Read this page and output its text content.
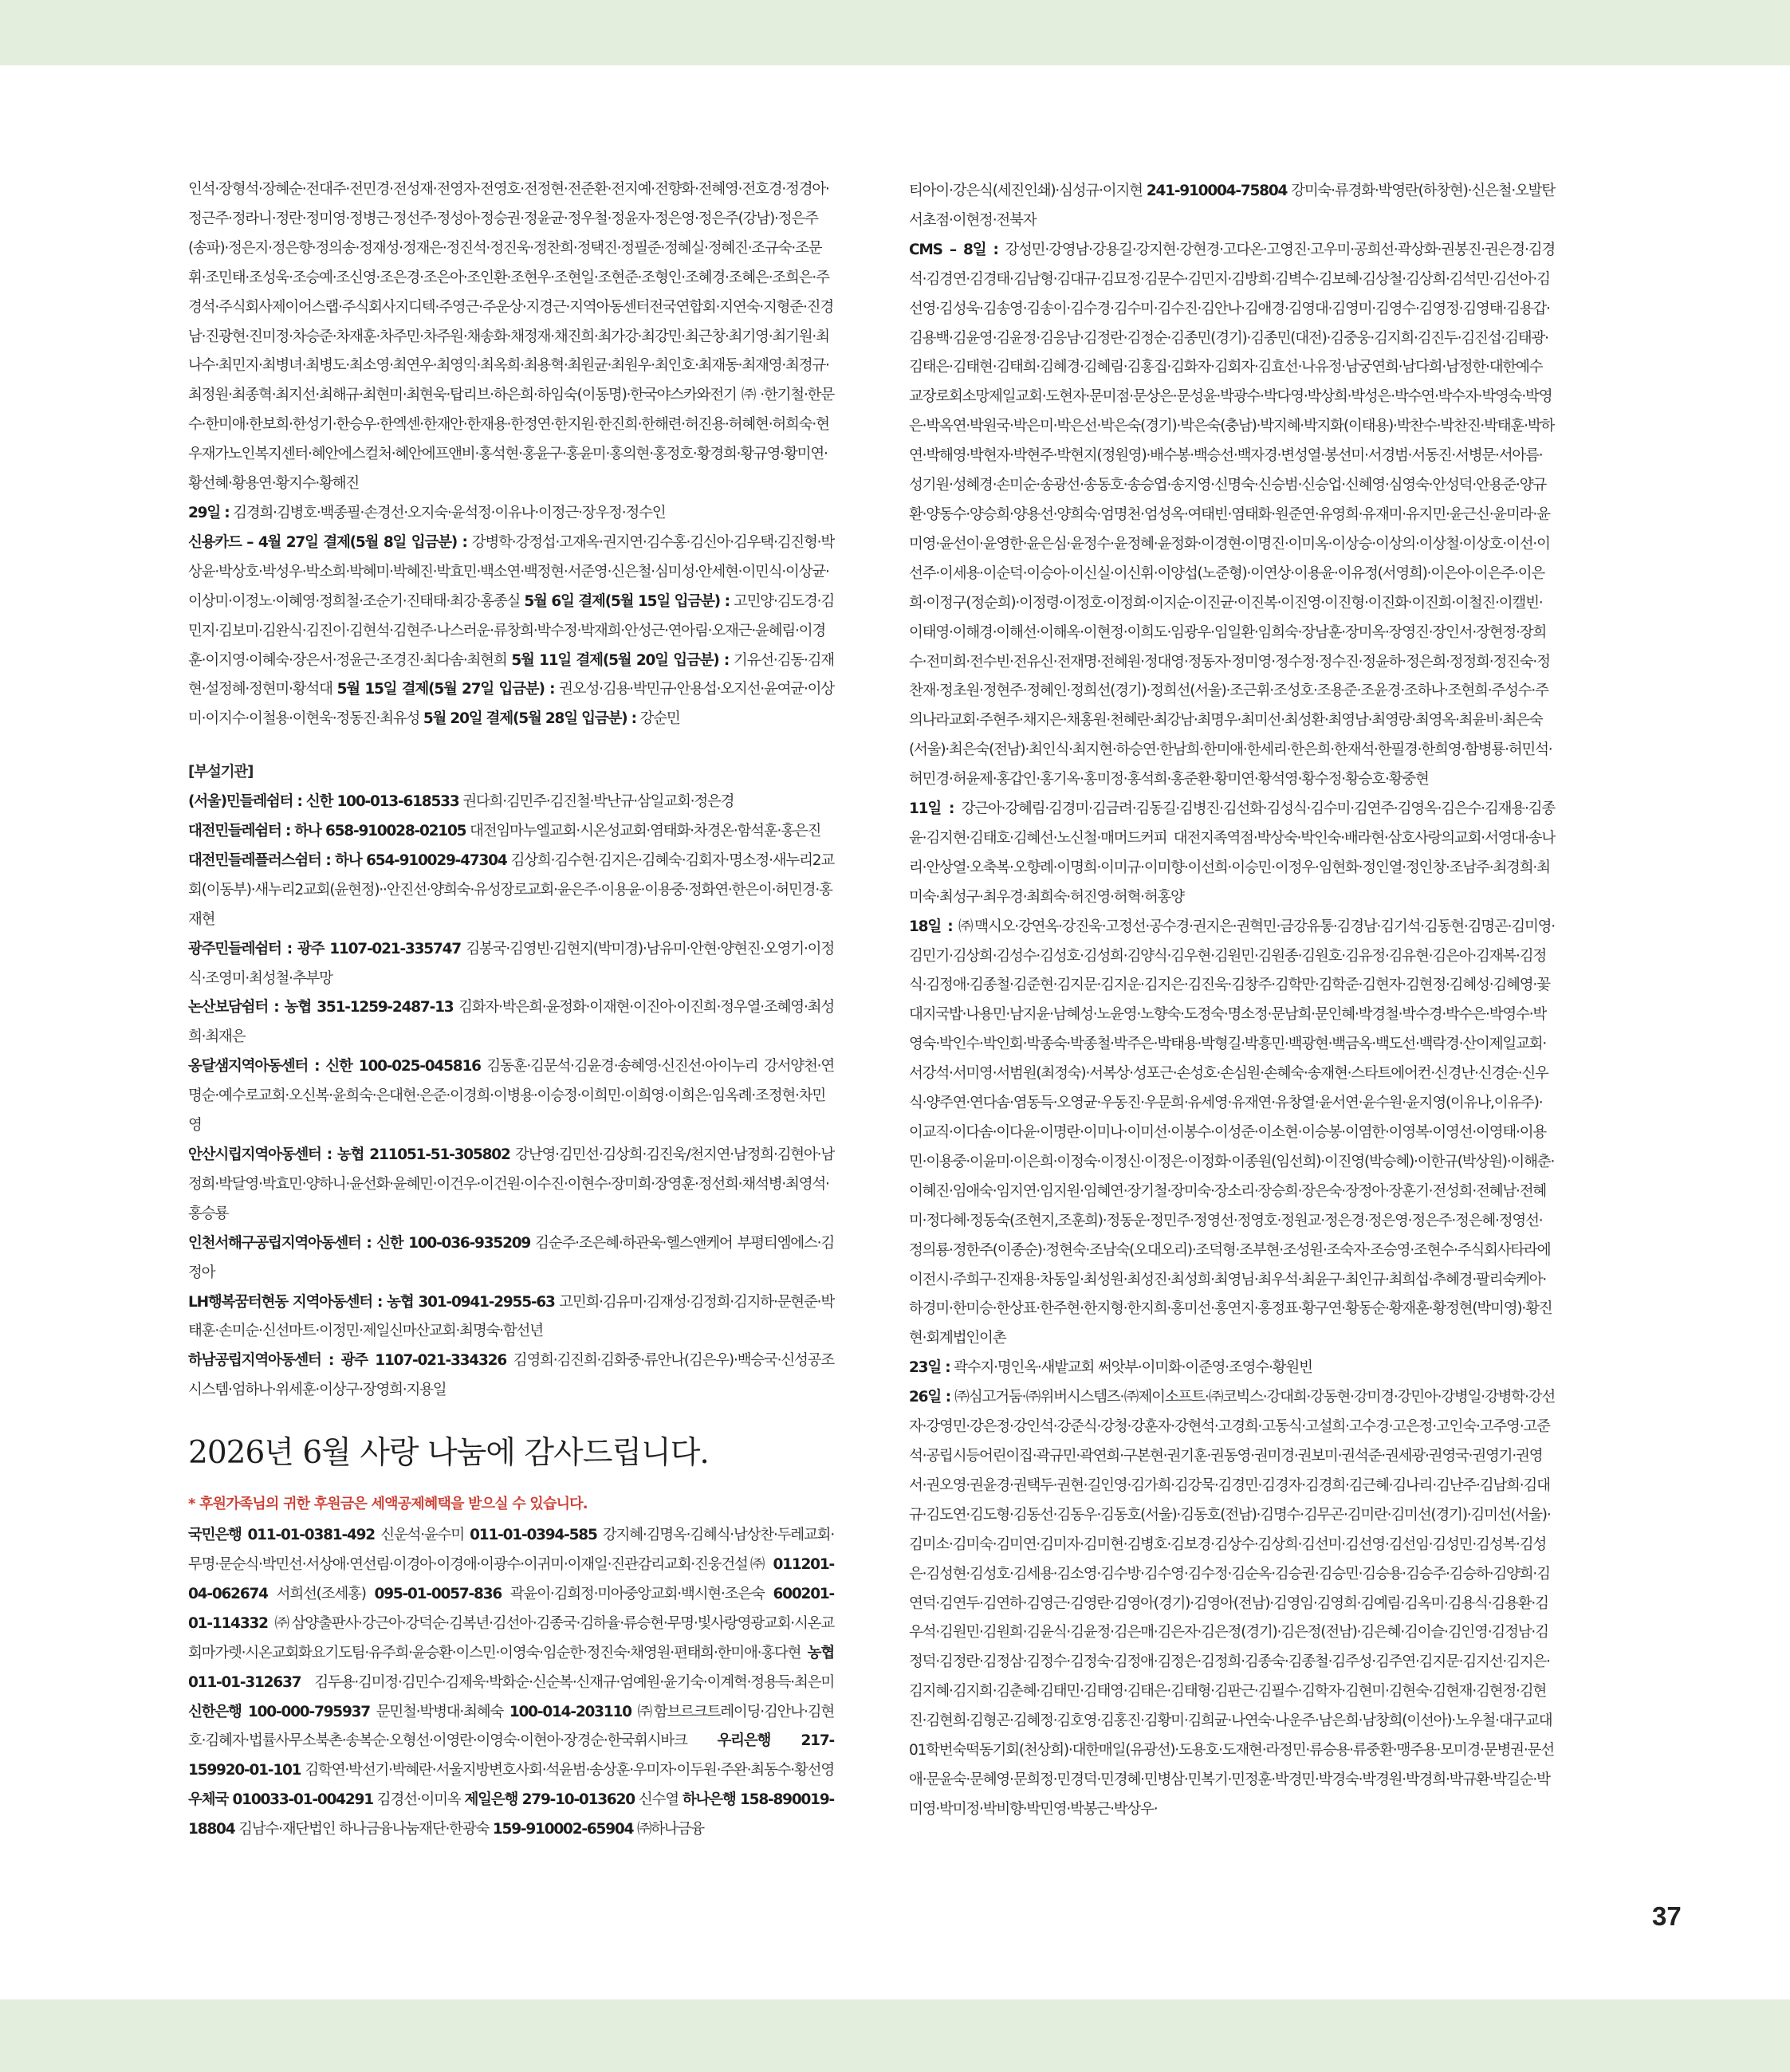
인석·장형석·장혜순·전대주·전민경·전성재·전영자·전영호·전정현·전준환·전지예·전향화·전혜영·전호경·정경아·정근주·정라니·정란·정미영·정병근·정선주·정성아·정승권·정윤균·정우철·정윤자·정은영·정은주(강남)·정은주(송파)·정은지·정은향·정의송·정재성·정재은·정진석·정진욱·정찬희·정택진·정필준·정혜실·정혜진·조규숙·조문휘·조민태·조성욱·조승예·조신영·조은경·조은아·조인환·조현우·조현일·조현준·조형인·조혜경·조혜은·조희은·주경석·주식회사제이어스랩·주식회사지디텍·주영근·주운상·지경근·지역아동센터전국연합회·지연숙·지형준·진경남·진광현·진미정·차승준·차재훈·차주민·차주원·채송화·채정재·채진희·최가강·최강민·최근창·최기영·최기원·최나수·최민지·최병녀·최병도·최소영·최연우·최영익·최옥희·최용혁·최원균·최원우·최인호·최재동·최재영·최정규·최정원·최종혁·최지선·최해규·최현미·최현욱·탑리브·하은희·하임숙(이동명)·한국야스카와전기㈜·한기철·한문수·한미애·한보희·한성기·한승우·한엑센·한재안·한재용·한정연·한지원·한진희·한해련·허진용·허혜현·허희숙·현우재가노인복지센터·혜안에스컬처·혜안에프앤비·홍석현·홍윤구·홍윤미·홍의현·홍정호·황경희·황규영·황미연·황선혜·황용연·황지수·황해진

29일 : 김경희·김병호·백종필·손경선·오지숙·윤석정·이유나·이정근·장우정·정수인

신용카드 – 4월 27일 결제(5월 8일 입금분) : 강병학·강정섭·고재옥·권지연·김수홍·김신아·김우택·김진형·박상윤·박상호·박성우·박소희·박혜미·박혜진·박효민·백소연·백정현·서준영·신은철·심미성·안세현·이민식·이상균·이상미·이정노·이혜영·정희철·조순기·진태태·최강·홍종실 5월 6일 결제(5월 15일 입금분) : 고민양·김도경·김민지·김보미·김완식·김진이·김현석·김현주·나스러운·류창희·박수정·박재희·안성근·연아림·오재근·윤혜림·이경훈·이지영·이혜숙·장은서·정윤근·조경진·최다솜·최현희 5월 11일 결제(5월 20일 입금분) : 기유선·김동·김재현·설정혜·정현미·황석대 5월 15일 결제(5월 27일 입금분) : 권오성·김용·박민규·안용섭·오지선·윤여균·이상미·이지수·이철용·이현욱·정동진·최유성 5월 20일 결제(5월 28일 입금분) : 강순민

[부설기관]

(서울)민들레쉼터 : 신한 100-013-618533 권다희·김민주·김진철·박난규·삼일교회·정은경

대전민들레쉼터 : 하나 658-910028-02105 대전임마누엘교회·시온성교회·염태화·차경온·함석훈·홍은진

대전민들레플러스쉼터 : 하나 654-910029-47304 김상희·김수현·김지은·김혜숙·김회자·명소정·새누리2교회(이동부)·새누리2교회(윤현정)··안진선·양희숙·유성장로교회·윤은주·이용윤·이용중·정화연·한은이·허민경·홍재현

광주민들레쉼터 : 광주 1107-021-335747 김봉국·김영빈·김현지(박미경)·남유미·안현·양현진·오영기·이정식·조영미·최성철·추부망

논산보담쉼터 : 농협 351-1259-2487-13 김화자·박은희·윤정화·이재현·이진아·이진희·정우열·조혜영·최성희·최재은

옹달샘지역아동센터 : 신한 100-025-045816 김동훈·김문석·김윤경·송혜영·신진선·아이누리 강서양천·연명순·예수로교회·오신복·윤희숙·은대현·은준·이경희·이병용·이승정·이희민·이희영·이희은·임옥례·조정현·차민영

안산시립지역아동센터 : 농협 211051-51-305802 강난영·김민선·김상희·김진욱/천지연·남정희·김현아·남정희·박달영·박효민·양하니·윤선화·윤혜민·이건우·이건원·이수진·이현수·장미희·장영훈·정선희·채석병·최영석·홍승룡

인천서해구공립지역아동센터 : 신한 100-036-935209 김순주·조은혜·하관욱·헬스앤케어 부평티엠에스·김정아

LH행복꿈터현동 지역아동센터 : 농협 301-0941-2955-63 고민희·김유미·김재성·김정희·김지하·문현준·박태훈·손미순·신선마트·이정민·제일신마산교회·최명숙·함선년

하남공립지역아동센터 : 광주 1107-021-334326 김영희·김진희·김화중·류안나(김은우)·백승국·신성공조시스템·엄하나·위세훈·이상구·장영희·지용일

2026년 6월 사랑 나눔에 감사드립니다.
* 후원가족님의 귀한 후원금은 세액공제혜택을 받으실 수 있습니다.

국민은행 011-01-0381-492 신운석·윤수미 011-01-0394-585 강지혜·김명옥·김혜식·남상찬·두레교회·무명·문순식·박민선·서상애·연선림·이경아·이경애·이광수·이귀미·이재일·진관감리교회·진웅건설㈜ 011201-04-062674 서희선(조세홍) 095-01-0057-836 곽윤이·김희정·미아중앙교회·백시현·조은숙 600201-01-114332 ㈜삼양출판사·강근아·강덕순·김복년·김선아·김종국·김하율·류승현·무명·빛사랑영광교회·시온교회마가렛·시온교회화요기도팀·유주희·윤승환·이스민·이영숙·임순한·정진숙·채영원·편태희·한미애·홍다현 농협 011-01-312637 김두용·김미정·김민수·김제욱·박화순·신순복·신재규·엄예원·윤기숙·이계혁·정용득·최은미 신한은행 100-000-795937 문민철·박병대·최혜숙 100-014-203110 ㈜함브르크트레이딩·김안나·김현호·김혜자·법률사무소북촌·송복순·오형선·이영란·이영숙·이현아·장경순·한국휘시바크 우리은행 217-159920-01-101 김학연·박선기·박혜란·서울지방변호사회·석윤범·송상훈·우미자·이두원·주완·최동수·황선영 우체국 010033-01-004291 김경선·이미옥 제일은행 279-10-013620 신수열 하나은행 158-890019-18804 김남수·재단법인 하나금융나눔재단·한광숙 159-910002-65904 ㈜하나금융

티아이·강은식(세진인쇄)·심성규·이지현 241-910004-75804 강미숙·류경화·박영란(하창현)·신은철·오발탄서초점·이현정·전북자

CMS – 8일 : 강성민·강영남·강용길·강지현·강현경·고다온·고영진·고우미·공희선·곽상화·권봉진·권은경·김경석·김경연·김경태·김남형·김대규·김묘정·김문수·김민지·김방희·김벽수·김보혜·김상철·김상희·김석민·김선아·김선영·김성욱·김송영·김송이·김수경·김수미·김수진·김안나·김애경·김영대·김영미·김영수·김영정·김영태·김용갑·김용백·김윤영·김윤정·김응남·김정란·김정순·김종민(경기)·김종민(대전)·김중웅·김지희·김진두·김진섭·김태광·김태은·김태현·김태희·김혜경·김혜림·김홍집·김화자·김회자·김효선·나유정·남궁연희·남다희·남정한·대한예수교장로회소망제일교회·도현자·문미점·문상은·문성윤·박광수·박다영·박상희·박성은·박수연·박수자·박영숙·박영은·박옥연·박원국·박은미·박은선·박은숙(경기)·박은숙(충남)·박지혜·박지화(이태용)·박찬수·박찬진·박태훈·박하연·박해영·박현자·박현주·박현지(정원영)·배수봉·백승선·백자경·변성열·봉선미·서경범·서동진·서병문·서아름·성기원·성혜경·손미순·송광선·송동호·송승엽·송지영·신명숙·신승범·신승업·신혜영·심영숙·안성덕·안용준·양규환·양동수·양승희·양용선·양희숙·엄명천·엄성옥·여태빈·염태화·원준연·유영희·유재미·유지민·윤근신·윤미라·윤미영·윤선이·윤영한·윤은심·윤정수·윤정혜·윤정화·이경현·이명진·이미옥·이상승·이상의·이상철·이상호·이선·이선주·이세용·이순덕·이승아·이신실·이신휘·이양섭(노준형)·이연상·이용윤·이유정(서영희)·이은아·이은주·이은희·이정구(정순희)·이정령·이정호·이정희·이지순·이진균·이진복·이진영·이진형·이진화·이진희·이철진·이캘빈·이태영·이해경·이해선·이해옥·이현정·이희도·임광우·임일환·임희숙·장남훈·장미옥·장영진·장인서·장현정·장희수·전미희·전수빈·전유신·전재명·전혜원·정대영·정동자·정미영·정수정·정수진·정윤하·정은희·정정희·정진숙·정찬재·정초원·정현주·정혜인·정희선(경기)·정희선(서울)·조근휘·조성호·조용준·조윤경·조하나·조현희·주성수·주의나라교회·주현주·채지은·채홍원·천혜란·최강남·최명우·최미선·최성환·최영남·최영랑·최영옥·최윤비·최은숙(서울)·최은숙(전남)·최인식·최지현·하승연·한남희·한미애·한세리·한은희·한재석·한필경·한희영·함병룡·허민석·허민경·허윤제·홍갑인·홍기옥·홍미정·홍석희·홍준환·황미연·황석영·황수정·황승호·황중현

11일 : 강근아·강혜림·김경미·김금려·김동길·김병진·김선화·김성식·김수미·김연주·김영옥·김은수·김재용·김종윤·김지현·김태호·김혜선·노신철·매머드커피 대전지족역점·박상숙·박인숙·배라현·삼호사랑의교회·서영대·송나리·안상열·오축복·오향례·이명희·이미규·이미향·이선희·이승민·이정우·임현화·정인열·정인창·조남주·최경희·최미숙·최성구·최우경·최희숙·허진영·허혁·허홍양

18일 : ㈜맥시오·강연옥·강진욱·고정선·공수경·권지은·권혁민·금강유통·김경남·김기석·김동현·김명곤·김미영·김민기·김상희·김성수·김성호·김성희·김양식·김우현·김원민·김원종·김원호·김유정·김유현·김은아·김재복·김정식·김정애·김종철·김준현·김지문·김지운·김지은·김진욱·김창주·김학만·김학준·김현자·김현정·김혜성·김혜영·꽃대지국밥·나용민·남지윤·남혜성·노윤영·노향숙·도정숙·명소정·문남희·문인혜·박경철·박수경·박수은·박영수·박영숙·박인수·박인회·박종숙·박종철·박주은·박태용·박형길·박흥민·백광현·백금옥·백도선·백락경·산이제일교회·서강석·서미영·서범원(최정숙)·서복상·성포근·손성호·손심원·손혜숙·송재현·스타트에어컨·신경난·신경순·신우식·양주연·연다솜·염동득·오영균·우동진·우문희·유세영·유재연·유창열·윤서연·윤수원·윤지영(이유나,이유주)·이교직·이다솜·이다윤·이명란·이미나·이미선·이봉수·이성준·이소현·이승봉·이염한·이영복·이영선·이영태·이용민·이용중·이윤미·이은희·이정숙·이정신·이정은·이정화·이종원(임선희)·이진영(박승혜)·이한규(박상원)·이해춘·이혜진·임애숙·임지연·임지원·임혜연·장기철·장미숙·장소리·장승희·장은숙·장정아·장훈기·전성희·전혜남·전혜미·정다혜·정동숙(조현지,조훈희)·정동운·정민주·정영선·정영호·정원교·정은경·정은영·정은주·정은혜·정영선·정의룡·정한주(이종순)·정현숙·조남숙(오대오리)·조덕형·조부현·조성원·조숙자·조승영·조현수·주식회사타라에이전시·주희구·진재용·차동일·최성원·최성진·최성희·최영님·최우석·최윤구·최인규·최희섭·추혜경·팔리숙케아·하경미·한미승·한상표·한주현·한지형·한지희·홍미선·홍연지·홍정표·황구연·황동순·황재훈·황정현(박미영)·황진현·회계법인이촌

23일 : 곽수지·명인옥·새밭교회 써앗부·이미화·이준영·조영수·황원빈

26일 : ㈜심고거둠·㈜위버시스템즈·㈜제이소프트·㈜코빅스·강대희·강동현·강미경·강민아·강병일·강병학·강선자·강영민·강은정·강인석·강준식·강청·강훈자·강현석·고경희·고동식·고설희·고수경·고은정·고인숙·고주영·고준석·공립시등어린이집·곽규민·곽연희·구본현·권기훈·권동영·권미경·권보미·권석준·권세광·권영국·권영기·권영서·권오영·권윤경·권택두·권현·길인영·김가희·김강묵·김경민·김경자·김경희·김근혜·김나리·김난주·김남희·김대규·김도연·김도형·김동선·김동우·김동호(서울)·김동호(전남)·김명수·김무곤·김미란·김미선(경기)·김미선(서울)·김미소·김미숙·김미연·김미자·김미현·김병호·김보경·김상수·김상희·김선미·김선영·김선임·김성민·김성복·김성은·김성현·김성호·김세용·김소영·김수방·김수영·김수정·김순옥·김승권·김승민·김승용·김승주·김승하·김양희·김연덕·김연두·김연하·김영근·김영란·김영아(경기)·김영아(전남)·김영임·김영희·김예림·김옥미·김용식·김용환·김우석·김원민·김원희·김윤식·김윤정·김은매·김은자·김은정(경기)·김은정(전남)·김은혜·김이슬·김인영·김정남·김정덕·김정란·김정삼·김정수·김정숙·김정애·김정은·김정희·김종숙·김종철·김주성·김주연·김지문·김지선·김지은·김지혜·김지희·김춘혜·김태민·김태영·김태은·김태형·김판근·김필수·김학자·김현미·김현숙·김현재·김현정·김현진·김현희·김형곤·김혜정·김호영·김홍진·김황미·김희균·나연숙·나운주·남은희·남창희(이선아)·노우철·대구교대01학번숙떡동기회(천상희)·대한매일(유광선)·도용호·도재현·라정민·류승용·류중환·맹주용·모미경·문병권·문선애·문윤숙·문혜영·문희정·민경덕·민경혜·민병삼·민복기·민정훈·박경민·박경숙·박경원·박경희·박규환·박길순·박미영·박미정·박비향·박민영·박봉근·박상우·

37
